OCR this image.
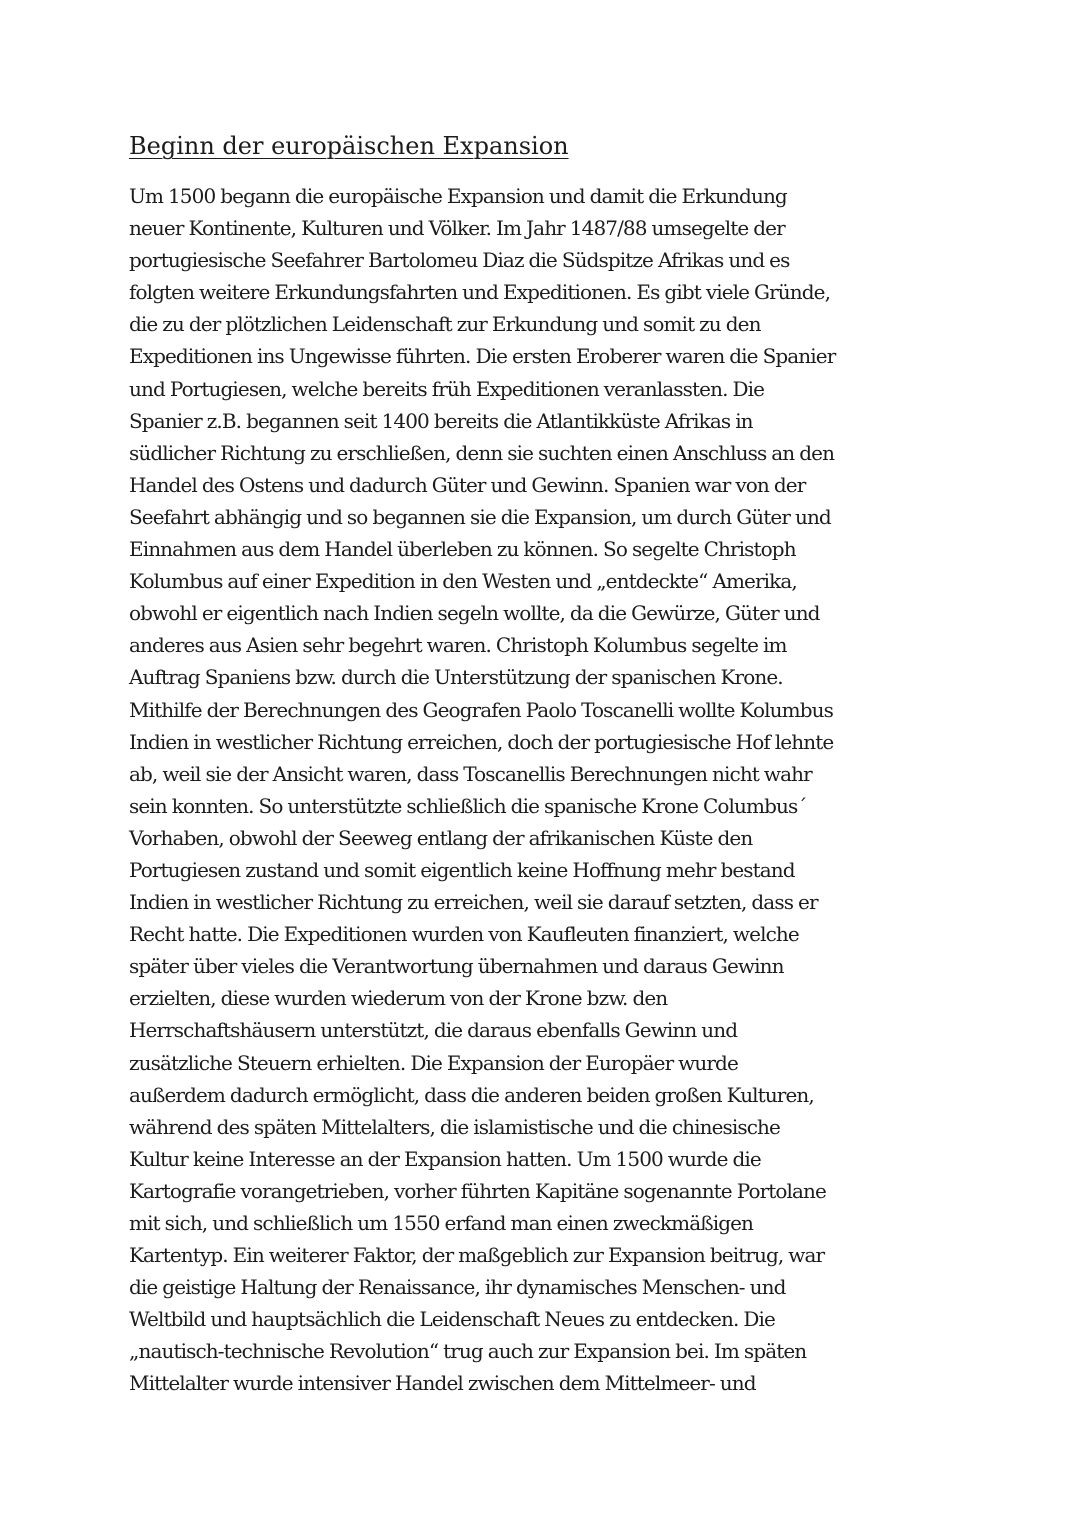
Beginn der europäischen Expansion
Um 1500 begann die europäische Expansion und damit die Erkundung
neuer Kontinente, Kulturen und Völker. Im Jahr 1487/88 umsegelte der
portugiesische Seefahrer Bartolomeu Diaz die Südspitze Afrikas und es
folgten weitere Erkundungsfahrten und Expeditionen. Es gibt viele Gründe,
die zu der plötzlichen Leidenschaft zur Erkundung und somit zu den
Expeditionen ins Ungewisse führten. Die ersten Eroberer waren die Spanier
und Portugiesen, welche bereits früh Expeditionen veranlassten. Die
Spanier z.B. begannen seit 1400 bereits die Atlantikküste Afrikas in
südlicher Richtung zu erschließen, denn sie suchten einen Anschluss an den
Handel des Ostens und dadurch Güter und Gewinn. Spanien war von der
Seefahrt abhängig und so begannen sie die Expansion, um durch Güter und
Einnahmen aus dem Handel überleben zu können. So segelte Christoph
Kolumbus auf einer Expedition in den Westen und „entdeckte“ Amerika,
obwohl er eigentlich nach Indien segeln wollte, da die Gewürze, Güter und
anderes aus Asien sehr begehrt waren. Christoph Kolumbus segelte im
Auftrag Spaniens bzw. durch die Unterstützung der spanischen Krone.
Mithilfe der Berechnungen des Geografen Paolo Toscanelli wollte Kolumbus
Indien in westlicher Richtung erreichen, doch der portugiesische Hof lehnte
ab, weil sie der Ansicht waren, dass Toscanellis Berechnungen nicht wahr
sein konnten. So unterstützte schließlich die spanische Krone Columbus´
Vorhaben, obwohl der Seeweg entlang der afrikanischen Küste den
Portugiesen zustand und somit eigentlich keine Hoffnung mehr bestand
Indien in westlicher Richtung zu erreichen, weil sie darauf setzten, dass er
Recht hatte. Die Expeditionen wurden von Kaufleuten finanziert, welche
später über vieles die Verantwortung übernahmen und daraus Gewinn
erzielten, diese wurden wiederum von der Krone bzw. den
Herrschaftshäusern unterstützt, die daraus ebenfalls Gewinn und
zusätzliche Steuern erhielten. Die Expansion der Europäer wurde
außerdem dadurch ermöglicht, dass die anderen beiden großen Kulturen,
während des späten Mittelalters, die islamistische und die chinesische
Kultur keine Interesse an der Expansion hatten. Um 1500 wurde die
Kartografie vorangetrieben, vorher führten Kapitäne sogenannte Portolane
mit sich, und schließlich um 1550 erfand man einen zweckmäßigen
Kartentyp. Ein weiterer Faktor, der maßgeblich zur Expansion beitrug, war
die geistige Haltung der Renaissance, ihr dynamisches Menschen- und
Weltbild und hauptsächlich die Leidenschaft Neues zu entdecken. Die
„nautisch-technische Revolution“ trug auch zur Expansion bei. Im späten
Mittelalter wurde intensiver Handel zwischen dem Mittelmeer- und
